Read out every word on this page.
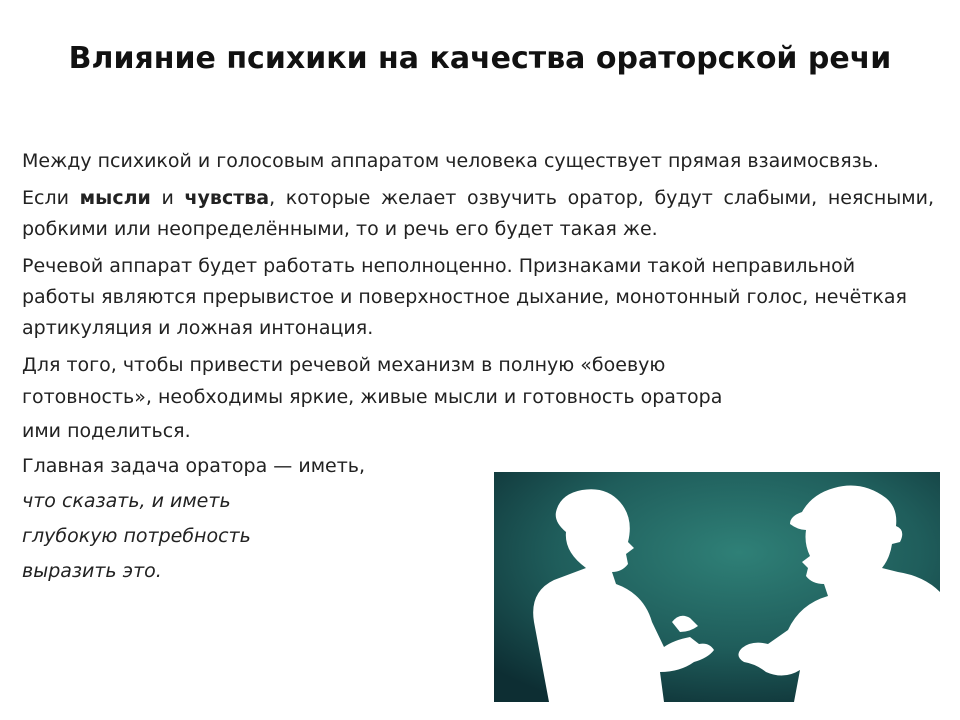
Влияние психики на качества ораторской речи

Между психикой и голосовым аппаратом человека существует прямая взаимосвязь.

Если мысли и чувства, которые желает озвучить оратор, будут слабыми, неясными, робкими или неопределёнными, то и речь его будет такая же.

Речевой аппарат будет работать неполноценно. Признаками такой неправильной работы являются прерывистое и поверхностное дыхание, монотонный голос, нечёткая артикуляция и ложная интонация.

Для того, чтобы привести речевой механизм в полную «боевую
готовность», необходимы яркие, живые мысли и готовность оратора
ими поделиться.
Главная задача оратора — иметь,
что сказать, и иметь
глубокую потребность
выразить это.
